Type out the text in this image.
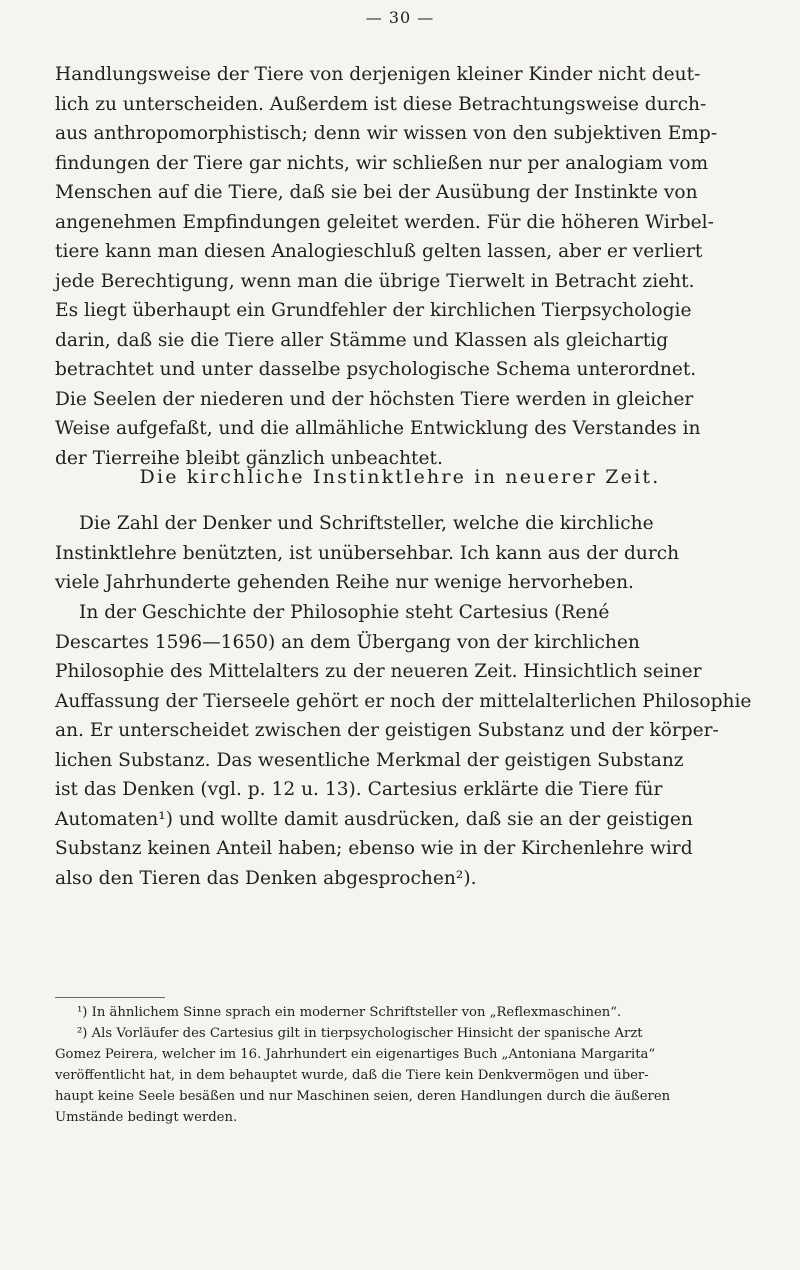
— 30 —
Handlungsweise der Tiere von derjenigen kleiner Kinder nicht deut-
lich zu unterscheiden. Außerdem ist diese Betrachtungsweise durch-
aus anthropomorphistisch; denn wir wissen von den subjektiven Emp-
findungen der Tiere gar nichts, wir schließen nur per analogiam vom
Menschen auf die Tiere, daß sie bei der Ausübung der Instinkte von
angenehmen Empfindungen geleitet werden. Für die höheren Wirbel-
tiere kann man diesen Analogieschluß gelten lassen, aber er verliert
jede Berechtigung, wenn man die übrige Tierwelt in Betracht zieht.
Es liegt überhaupt ein Grundfehler der kirchlichen Tierpsychologie
darin, daß sie die Tiere aller Stämme und Klassen als gleichartig
betrachtet und unter dasselbe psychologische Schema unterordnet.
Die Seelen der niederen und der höchsten Tiere werden in gleicher
Weise aufgefaßt, und die allmähliche Entwicklung des Verstandes in
der Tierreihe bleibt gänzlich unbeachtet.
Die kirchliche Instinktlehre in neuerer Zeit.
Die Zahl der Denker und Schriftsteller, welche die kirchliche
Instinktlehre benützten, ist unübersehbar. Ich kann aus der durch
viele Jahrhunderte gehenden Reihe nur wenige hervorheben.
In der Geschichte der Philosophie steht Cartesius (René
Descartes 1596—1650) an dem Übergang von der kirchlichen
Philosophie des Mittelalters zu der neueren Zeit. Hinsichtlich seiner
Auffassung der Tierseele gehört er noch der mittelalterlichen Philosophie
an. Er unterscheidet zwischen der geistigen Substanz und der körper-
lichen Substanz. Das wesentliche Merkmal der geistigen Substanz
ist das Denken (vgl. p. 12 u. 13). Cartesius erklärte die Tiere für
Automaten¹) und wollte damit ausdrücken, daß sie an der geistigen
Substanz keinen Anteil haben; ebenso wie in der Kirchenlehre wird
also den Tieren das Denken abgesprochen²).
¹) In ähnlichem Sinne sprach ein moderner Schriftsteller von „Reflexmaschinen“.
²) Als Vorläufer des Cartesius gilt in tierpsychologischer Hinsicht der spanische Arzt
Gomez Peirera, welcher im 16. Jahrhundert ein eigenartiges Buch „Antoniana Margarita“
veröffentlicht hat, in dem behauptet wurde, daß die Tiere kein Denkvermögen und über-
haupt keine Seele besäßen und nur Maschinen seien, deren Handlungen durch die äußeren
Umstände bedingt werden.
